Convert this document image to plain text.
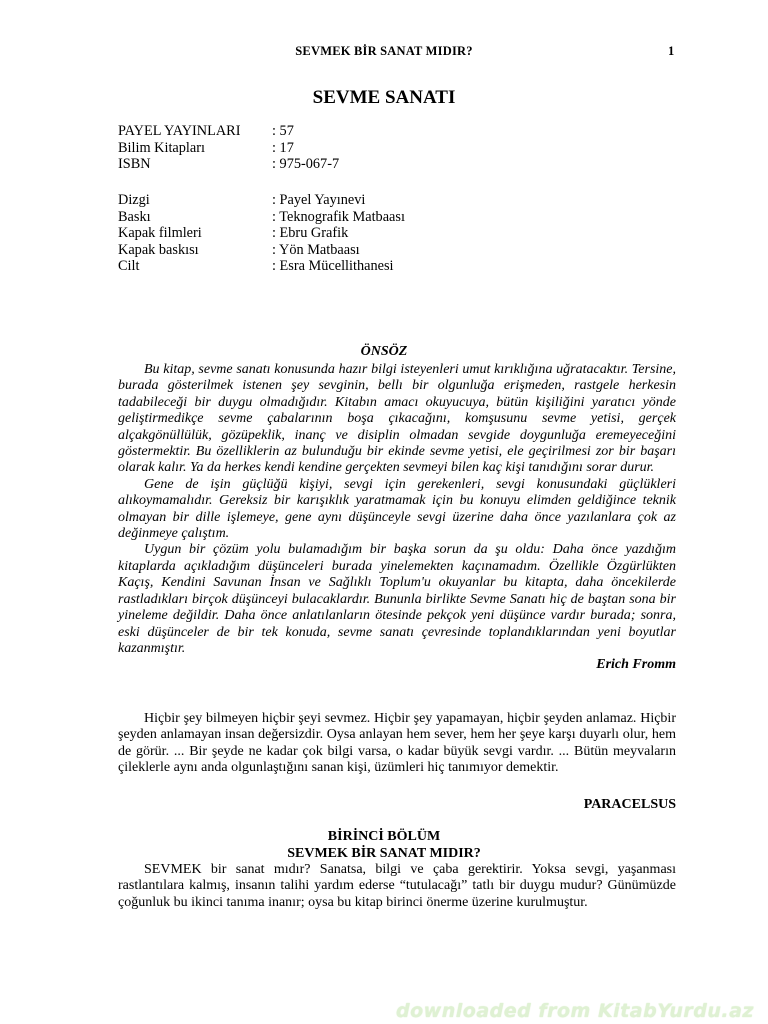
SEVMEK BİR SANAT MIDIR?	1
SEVME SANATI
PAYEL YAYINLARI	: 57
Bilim Kitapları	: 17
ISBN	: 975-067-7
Dizgi	: Payel Yayınevi
Baskı	: Teknografik Matbaası
Kapak filmleri	: Ebru Grafik
Kapak baskısı	: Yön Matbaası
Cilt	: Esra Mücellithanesi
ÖNSÖZ

Bu kitap, sevme sanatı konusunda hazır bilgi isteyenleri umut kırıklığına uğratacaktır. Tersine, burada gösterilmek istenen şey sevginin, bellı bir olgunluğa erişmeden, rastgele herkesin tadabileceği bir duygu olmadığıdır. Kitabın amacı okuyucuya, bütün kişiliğini yaratıcı yönde geliştirmedikçe sevme çabalarının boşa çıkacağını, komşusunu sevme yetisi, gerçek alçakgönüllülük, gözüpeklik, inanç ve disiplin olmadan sevgide doygunluğa eremeyeceğini göstermektir. Bu özelliklerin az bulunduğu bir ekinde sevme yetisi, ele geçirilmesi zor bir başarı olarak kalır. Ya da herkes kendi kendine gerçekten sevmeyi bilen kaç kişi tanıdığını sorar durur.

Gene de işin güçlüğü kişiyi, sevgi için gerekenleri, sevgi konusundaki güçlükleri alıkoymamalıdır. Gereksiz bir karışıklık yaratmamak için bu konuyu elimden geldiğince teknik olmayan bir dille işlemeye, gene aynı düşünceyle sevgi üzerine daha önce yazılanlara çok az değinmeye çalıştım.

Uygun bir çözüm yolu bulamadığım bir başka sorun da şu oldu: Daha önce yazdığım kitaplarda açıkladığım düşünceleri burada yinelemekten kaçınamadım. Özellikle Özgürlükten Kaçış, Kendini Savunan İnsan ve Sağlıklı Toplum'u okuyanlar bu kitapta, daha öncekilerde rastladıkları birçok düşünceyi bulacaklardır. Bununla birlikte Sevme Sanatı hiç de baştan sona bir yineleme değildir. Daha önce anlatılanların ötesinde pekçok yeni düşünce vardır burada; sonra, eski düşünceler de bir tek konuda, sevme sanatı çevresinde toplandıklarından yeni boyutlar kazanmıştır.

Erich Fromm

Hiçbir şey bilmeyen hiçbir şeyi sevmez. Hiçbir şey yapamayan, hiçbir şeyden anlamaz. Hiçbir şeyden anlamayan insan değersizdir. Oysa anlayan hem sever, hem her şeye karşı duyarlı olur, hem de görür. ... Bir şeyde ne kadar çok bilgi varsa, o kadar büyük sevgi vardır. ... Bütün meyvaların çileklerle aynı anda olgunlaştığını sanan kişi, üzümleri hiç tanımıyor demektir.

PARACELSUS
BİRİNCİ BÖLÜM
SEVMEK BİR SANAT MIDIR?

SEVMEK bir sanat mıdır? Sanatsa, bilgi ve çaba gerektirir. Yoksa sevgi, yaşanması rastlantılara kalmış, insanın talihi yardım ederse “tutulacağı” tatlı bir duygu mudur? Günümüzde çoğunluk bu ikinci tanıma inanır; oysa bu kitap birinci önerme üzerine kurulmuştur.

downloaded from KitabYurdu.az
